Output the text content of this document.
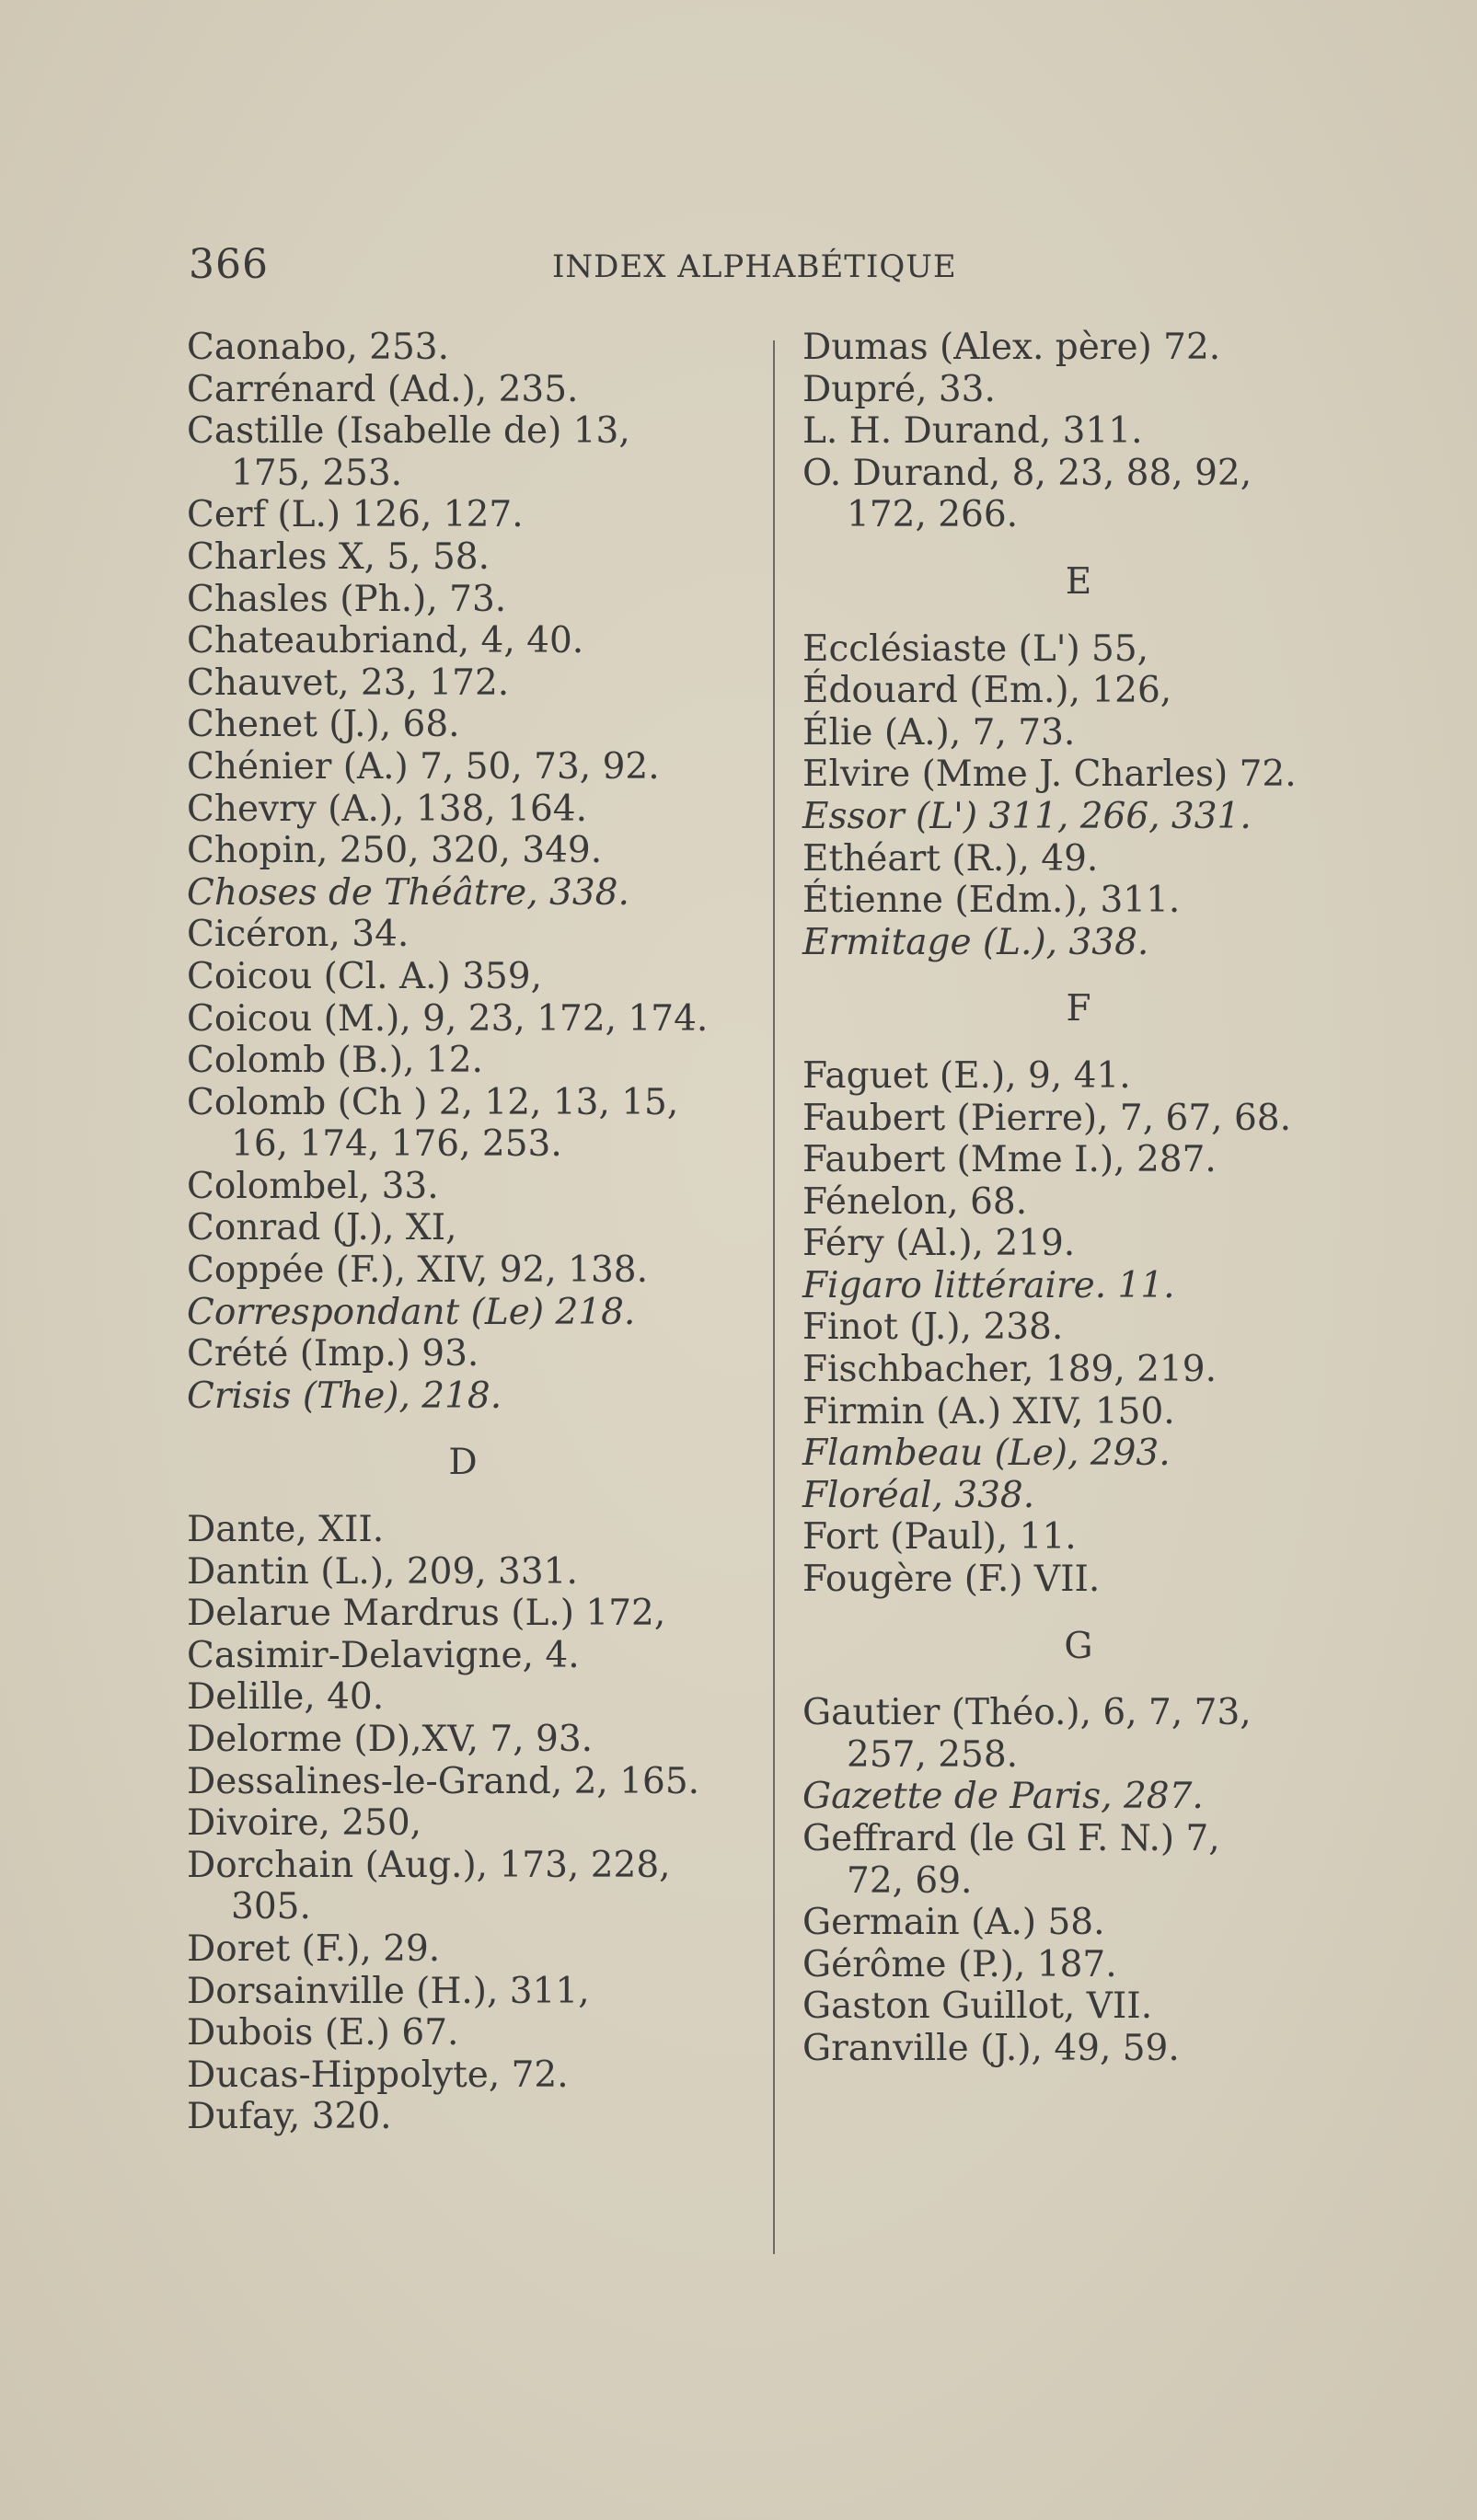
366	INDEX ALPHABÉTIQUE
Caonabo, 253.
Carrénard (Ad.), 235.
Castille (Isabelle de) 13,
175, 253.
Cerf (L.) 126, 127.
Charles X, 5, 58.
Chasles (Ph.), 73.
Chateaubriand, 4, 40.
Chauvet, 23, 172.
Chenet (J.), 68.
Chénier (A.) 7, 50, 73, 92.
Chevry (A.), 138, 164.
Chopin, 250, 320, 349.
Choses de Théâtre, 338.
Cicéron, 34.
Coicou (Cl. A.) 359,
Coicou (M.), 9, 23, 172, 174.
Colomb (B.), 12.
Colomb (Ch ) 2, 12, 13, 15,
16, 174, 176, 253.
Colombel, 33.
Conrad (J.), XI,
Coppée (F.), XIV, 92, 138.
Correspondant (Le) 218.
Crété (Imp.) 93.
Crisis (The), 218.
D
Dante, XII.
Dantin (L.), 209, 331.
Delarue Mardrus (L.) 172,
Casimir-Delavigne, 4.
Delille, 40.
Delorme (D),XV, 7, 93.
Dessalines-le-Grand, 2, 165.
Divoire, 250,
Dorchain (Aug.), 173, 228,
305.
Doret (F.), 29.
Dorsainville (H.), 311,
Dubois (E.) 67.
Ducas-Hippolyte, 72.
Dufay, 320.
Dumas (Alex. père) 72.
Dupré, 33.
L. H. Durand, 311.
O. Durand, 8, 23, 88, 92,
172, 266.
E
Ecclésiaste (L') 55,
Édouard (Em.), 126,
Élie (A.), 7, 73.
Elvire (Mme J. Charles) 72.
Essor (L') 311, 266, 331.
Ethéart (R.), 49.
Étienne (Edm.), 311.
Ermitage (L.), 338.
F
Faguet (E.), 9, 41.
Faubert (Pierre), 7, 67, 68.
Faubert (Mme I.), 287.
Fénelon, 68.
Féry (Al.), 219.
Figaro littéraire. 11.
Finot (J.), 238.
Fischbacher, 189, 219.
Firmin (A.) XIV, 150.
Flambeau (Le), 293.
Floréal, 338.
Fort (Paul), 11.
Fougère (F.) VII.
G
Gautier (Théo.), 6, 7, 73,
257, 258.
Gazette de Paris, 287.
Geffrard (le Gl F. N.) 7,
72, 69.
Germain (A.) 58.
Gérôme (P.), 187.
Gaston Guillot, VII.
Granville (J.), 49, 59.
